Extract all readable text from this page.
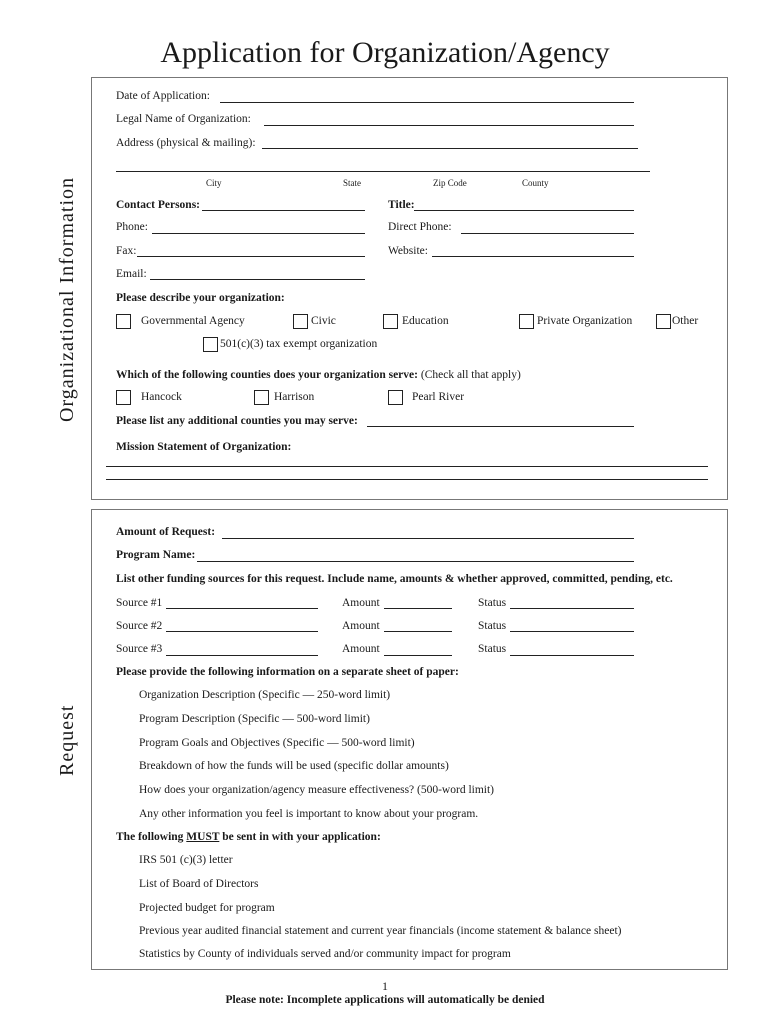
Application for Organization/Agency
Organizational Information
Date of Application:
Legal Name of Organization:
Address (physical & mailing):
City	State	Zip Code	County
Contact Persons:	Title:
Phone:	Direct Phone:
Fax:	Website:
Email:
Please describe your organization:
Governmental Agency	Civic	Education	Private Organization	Other
501(c)(3) tax exempt organization
Which of the following counties does your organization serve: (Check all that apply)
Hancock	Harrison	Pearl River
Please list any additional counties you may serve:
Mission Statement of Organization:
Request
Amount of Request:
Program Name:
List other funding sources for this request. Include name, amounts & whether approved, committed, pending, etc.
Source #1	Amount	Status
Source #2	Amount	Status
Source #3	Amount	Status
Please provide the following information on a separate sheet of paper:
Organization Description (Specific — 250-word limit)
Program Description (Specific — 500-word limit)
Program Goals and Objectives (Specific — 500-word limit)
Breakdown of how the funds will be used (specific dollar amounts)
How does your organization/agency measure effectiveness? (500-word limit)
Any other information you feel is important to know about your program.
The following MUST be sent in with your application:
IRS 501 (c)(3) letter
List of Board of Directors
Projected budget for program
Previous year audited financial statement and current year financials (income statement & balance sheet)
Statistics by County of individuals served and/or community impact for program
1
Please note: Incomplete applications will automatically be denied
